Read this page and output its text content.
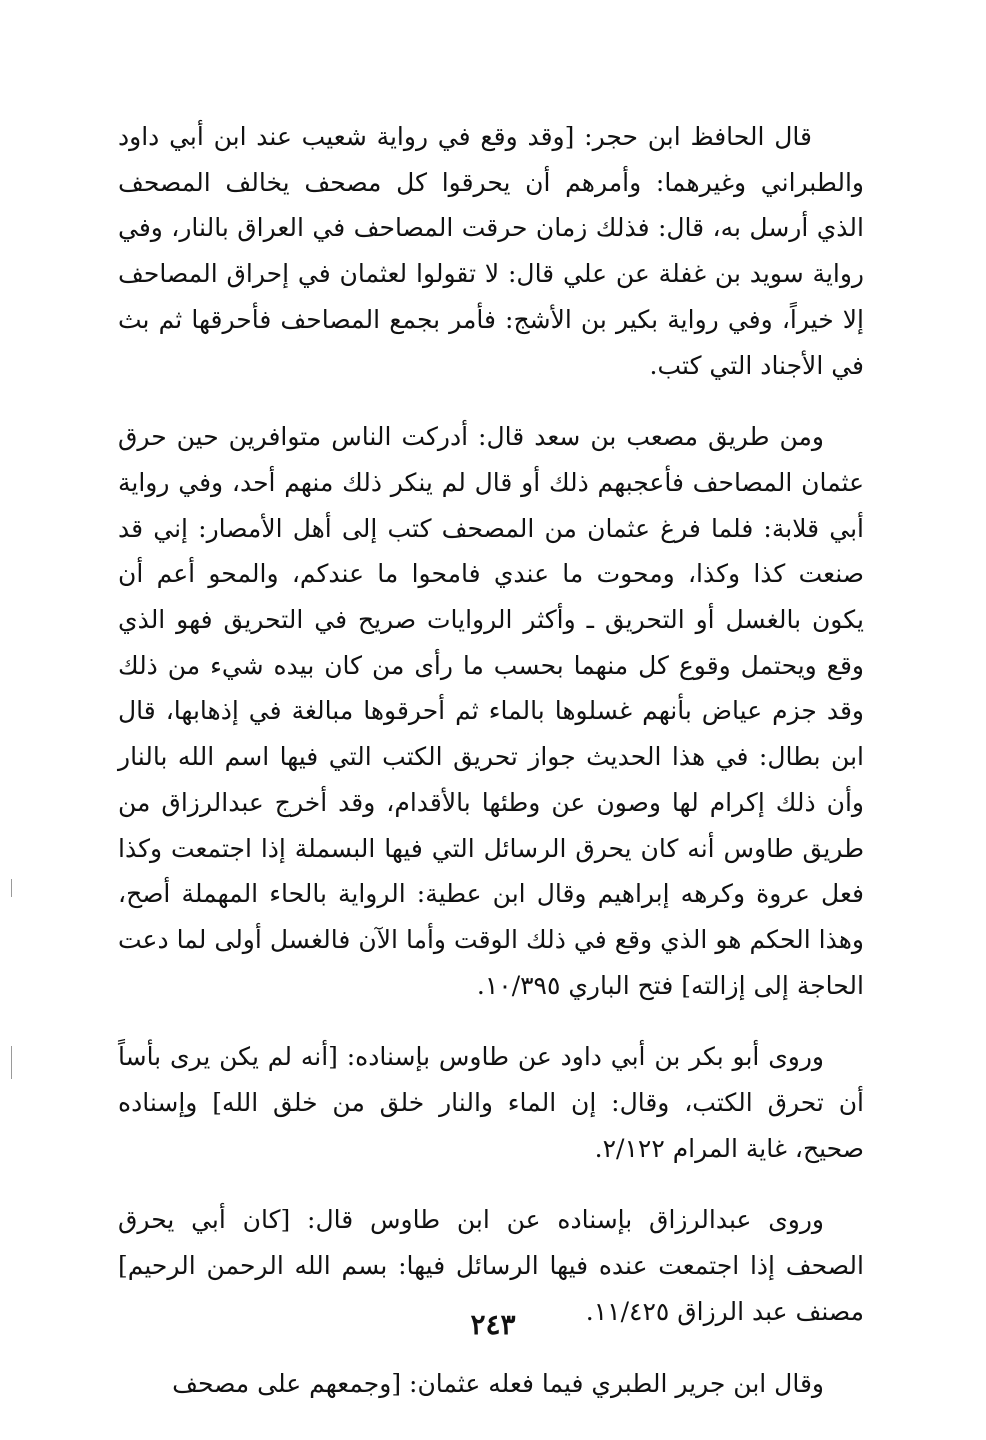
قال الحافظ ابن حجر: [وقد وقع في رواية شعيب عند ابن أبي داود والطبراني وغيرهما: وأمرهم أن يحرقوا كل مصحف يخالف المصحف الذي أرسل به، قال: فذلك زمان حرقت المصاحف في العراق بالنار، وفي رواية سويد بن غفلة عن علي قال: لا تقولوا لعثمان في إحراق المصاحف إلا خيراً، وفي رواية بكير بن الأشج: فأمر بجمع المصاحف فأحرقها ثم بث في الأجناد التي كتب.

ومن طريق مصعب بن سعد قال: أدركت الناس متوافرين حين حرق عثمان المصاحف فأعجبهم ذلك أو قال لم ينكر ذلك منهم أحد، وفي رواية أبي قلابة: فلما فرغ عثمان من المصحف كتب إلى أهل الأمصار: إني قد صنعت كذا وكذا، ومحوت ما عندي فامحوا ما عندكم، والمحو أعم أن يكون بالغسل أو التحريق ـ وأكثر الروايات صريح في التحريق فهو الذي وقع ويحتمل وقوع كل منهما بحسب ما رأى من كان بيده شيء من ذلك وقد جزم عياض بأنهم غسلوها بالماء ثم أحرقوها مبالغة في إذهابها، قال ابن بطال: في هذا الحديث جواز تحريق الكتب التي فيها اسم الله بالنار وأن ذلك إكرام لها وصون عن وطئها بالأقدام، وقد أخرج عبدالرزاق من طريق طاوس أنه كان يحرق الرسائل التي فيها البسملة إذا اجتمعت وكذا فعل عروة وكرهه إبراهيم وقال ابن عطية: الرواية بالحاء المهملة أصح، وهذا الحكم هو الذي وقع في ذلك الوقت وأما الآن فالغسل أولى لما دعت الحاجة إلى إزالته] فتح الباري ١٠/٣٩٥.

وروى أبو بكر بن أبي داود عن طاوس بإسناده: [أنه لم يكن يرى بأساً أن تحرق الكتب، وقال: إن الماء والنار خلق من خلق الله] وإسناده صحيح، غاية المرام ٢/١٢٢.

وروى عبدالرزاق بإسناده عن ابن طاوس قال: [كان أبي يحرق الصحف إذا اجتمعت عنده فيها الرسائل فيها: بسم الله الرحمن الرحيم] مصنف عبد الرزاق ١١/٤٢٥.

وقال ابن جرير الطبري فيما فعله عثمان: [وجمعهم على مصحف

٢٤٣
